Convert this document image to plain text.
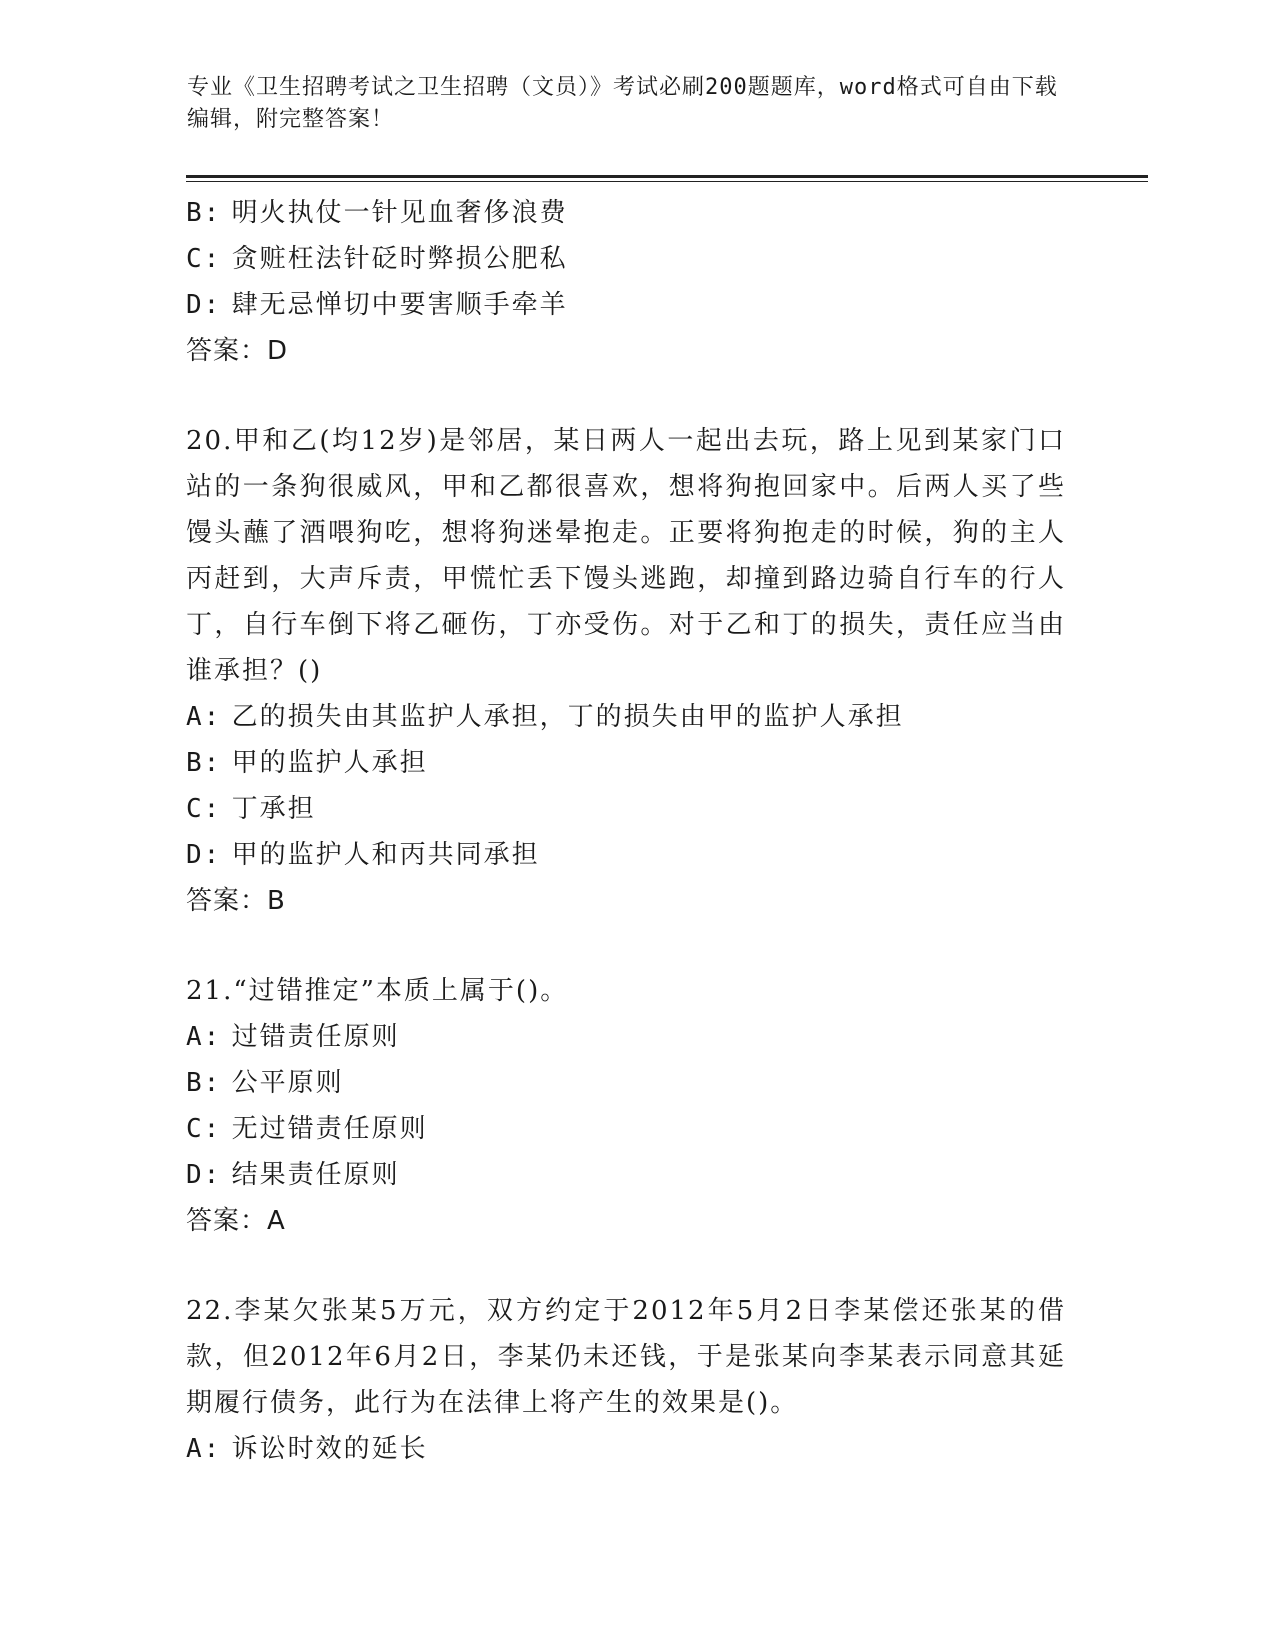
专业《卫生招聘考试之卫生招聘（文员）》考试必刷200题题库，word格式可自由下载编辑，附完整答案！
B: 明火执仗一针见血奢侈浪费
C: 贪赃枉法针砭时弊损公肥私
D: 肆无忌惮切中要害顺手牵羊
答案：D
20.甲和乙(均12岁)是邻居，某日两人一起出去玩，路上见到某家门口站的一条狗很威风，甲和乙都很喜欢，想将狗抱回家中。后两人买了些馒头蘸了酒喂狗吃，想将狗迷晕抱走。正要将狗抱走的时候，狗的主人丙赶到，大声斥责，甲慌忙丢下馒头逃跑，却撞到路边骑自行车的行人丁，自行车倒下将乙砸伤，丁亦受伤。对于乙和丁的损失，责任应当由谁承担？()
A: 乙的损失由其监护人承担，丁的损失由甲的监护人承担
B: 甲的监护人承担
C: 丁承担
D: 甲的监护人和丙共同承担
答案：B
21.“过错推定”本质上属于()。
A: 过错责任原则
B: 公平原则
C: 无过错责任原则
D: 结果责任原则
答案：A
22.李某欠张某5万元，双方约定于2012年5月2日李某偿还张某的借款，但2012年6月2日，李某仍未还钱，于是张某向李某表示同意其延期履行债务，此行为在法律上将产生的效果是()。
A: 诉讼时效的延长
